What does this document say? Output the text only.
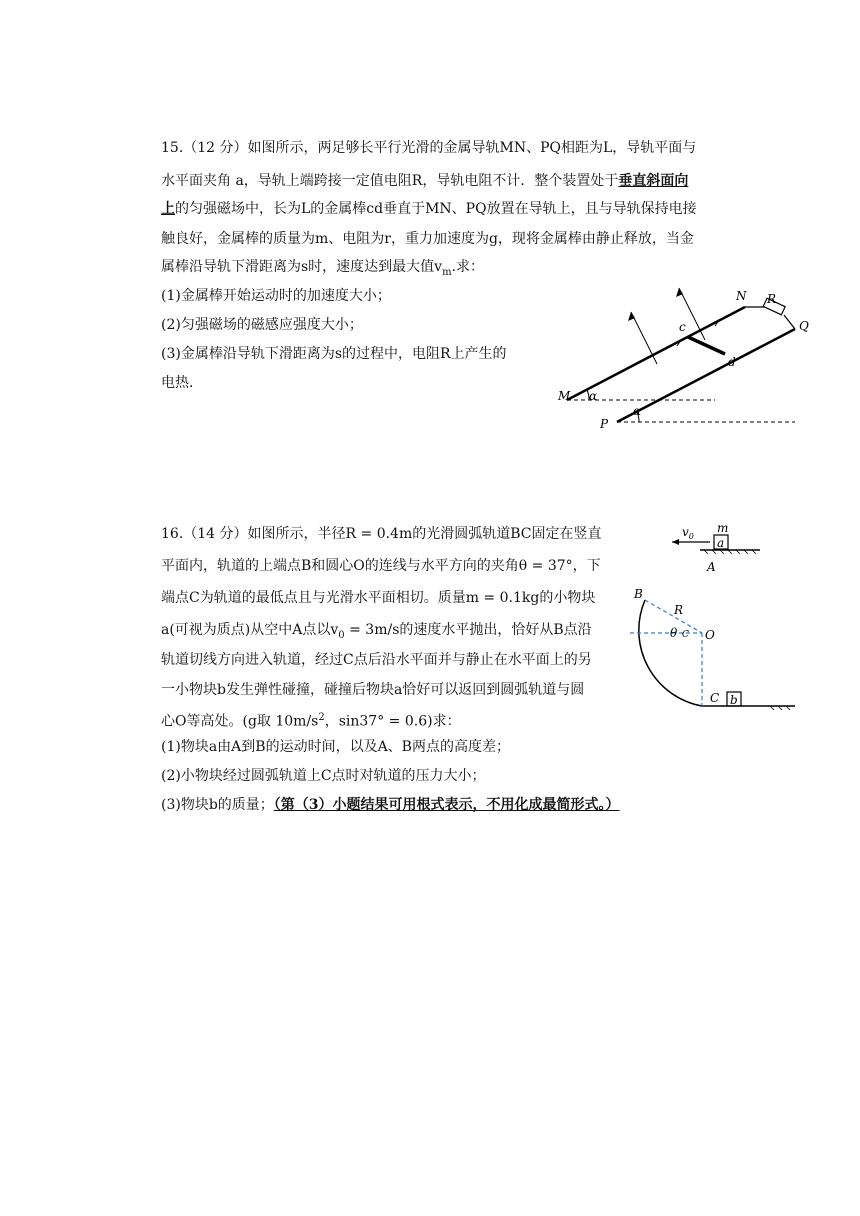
15.（12 分）如图所示，两足够长平行光滑的金属导轨MN、PQ相距为L，导轨平面与
水平面夹角 a，导轨上端跨接一定值电阻R，导轨电阻不计．整个装置处于垂直斜面向
上的匀强磁场中，长为L的金属棒cd垂直于MN、PQ放置在导轨上，且与导轨保持电接
触良好，金属棒的质量为m、电阻为r，重力加速度为g，现将金属棒由静止释放，当金
属棒沿导轨下滑距离为s时，速度达到最大值$v_m$.求：
(1)金属棒开始运动时的加速度大小；
(2)匀强磁场的磁感应强度大小；
(3)金属棒沿导轨下滑距离为s的过程中，电阻R上产生的
电热．
N R
Q
c
d
M α
P
α
16.（14 分）如图所示，半径R = 0.4m的光滑圆弧轨道BC固定在竖直
平面内，轨道的上端点B和圆心O的连线与水平方向的夹角θ = 37°，下
端点C为轨道的最低点且与光滑水平面相切。质量m = 0.1kg的小物块
a(可视为质点)从空中A点以$v_0 = 3m/s$的速度水平抛出，恰好从B点沿
轨道切线方向进入轨道，经过C点后沿水平面并与静止在水平面上的另
一小物块b发生弹性碰撞，碰撞后物块a恰好可以返回到圆弧轨道与圆
心O等高处。(g取 $10m/s^2$，sin37° = 0.6)求：
(1)物块a由A到B的运动时间，以及A、B两点的高度差；
(2)小物块经过圆弧轨道上C点时对轨道的压力大小；
(3)物块b的质量；（第（3）小题结果可用根式表示，不用化成最简形式。）
$v_0$
m
a
A
B
R
θ C O
C b
